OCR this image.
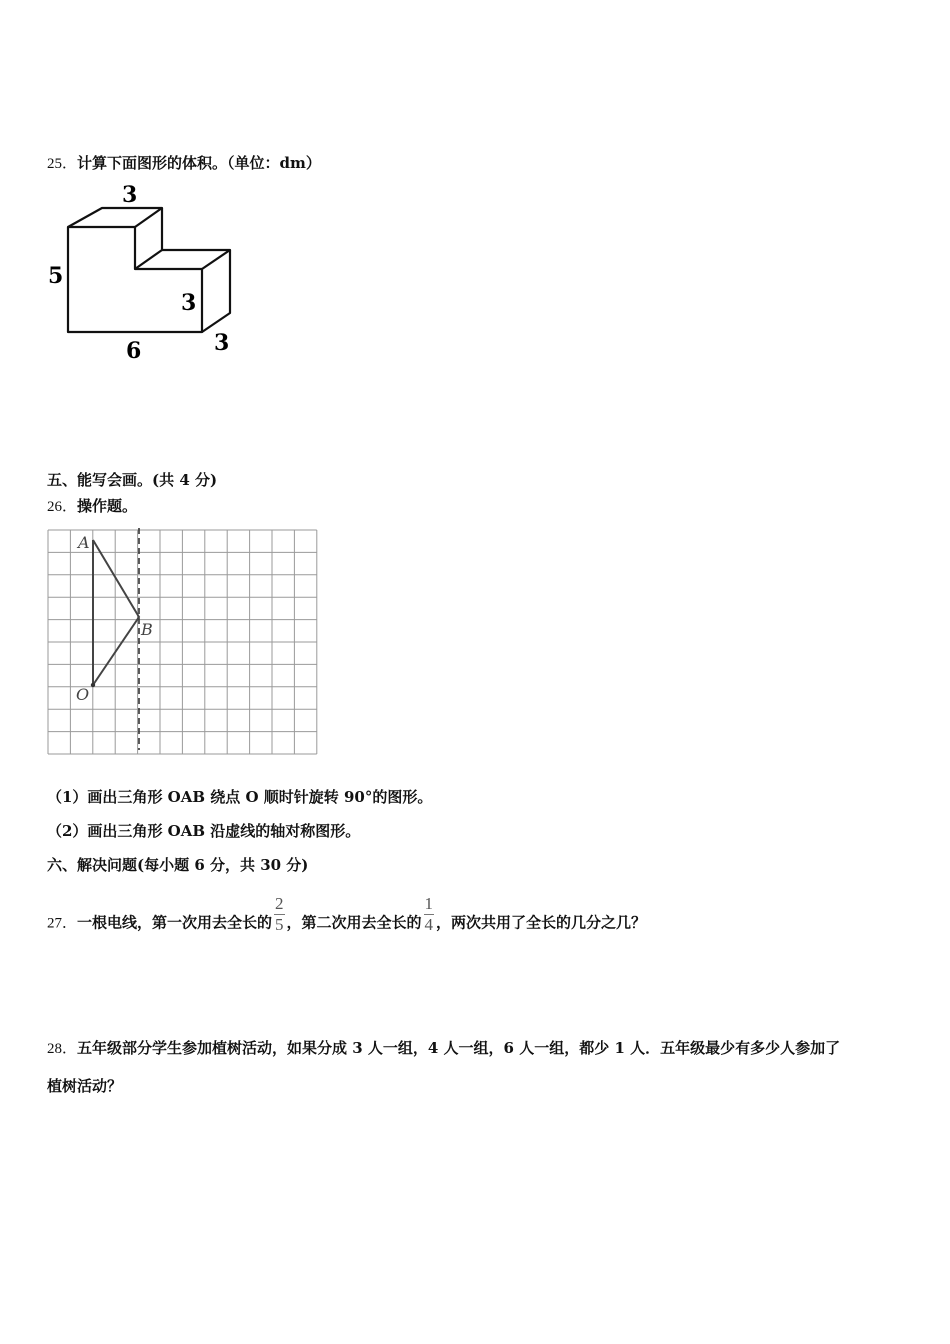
25．计算下面图形的体积。（单位：dm）
3
5
3
6	3
五、能写会画。(共 4 分)
26．操作题。
A
B
O
（1）画出三角形 OAB 绕点 O 顺时针旋转 90°的图形。
（2）画出三角形 OAB 沿虚线的轴对称图形。
六、解决问题(每小题 6 分，共 30 分)
27．一根电线，第一次用去全长的 $\frac{2}{5}$ ，第二次用去全长的 $\frac{1}{4}$ ，两次共用了全长的几分之几？
28．五年级部分学生参加植树活动，如果分成 3 人一组，4 人一组，6 人一组，都少 1 人．五年级最少有多少人参加了
植树活动？
